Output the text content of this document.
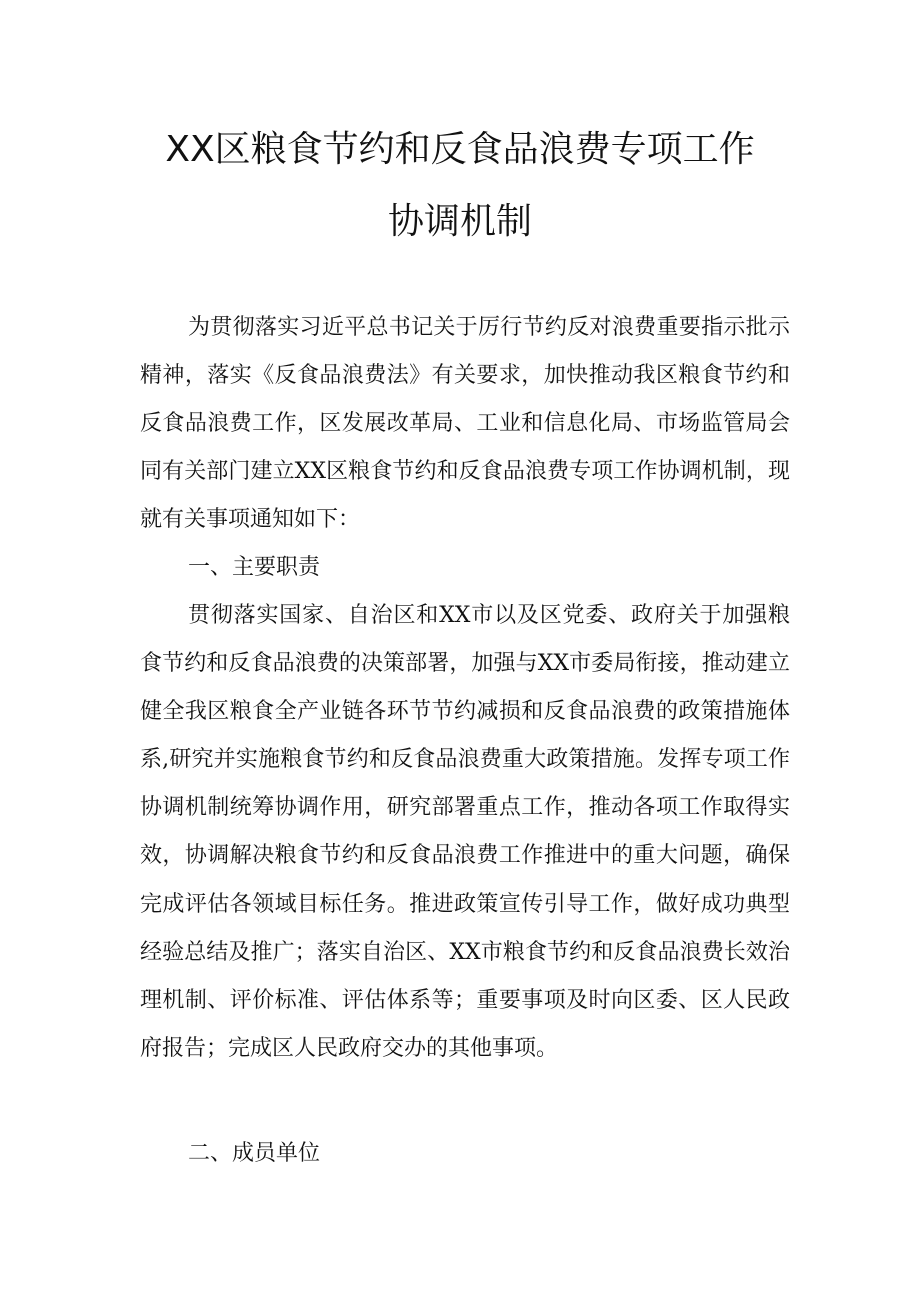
XX区粮食节约和反食品浪费专项工作
协调机制

为贯彻落实习近平总书记关于厉行节约反对浪费重要指示批示精神，落实《反食品浪费法》有关要求，加快推动我区粮食节约和反食品浪费工作，区发展改革局、工业和信息化局、市场监管局会同有关部门建立XX区粮食节约和反食品浪费专项工作协调机制，现就有关事项通知如下：

一、主要职责

贯彻落实国家、自治区和XX市以及区党委、政府关于加强粮食节约和反食品浪费的决策部署，加强与XX市委局衔接，推动建立健全我区粮食全产业链各环节节约减损和反食品浪费的政策措施体系,研究并实施粮食节约和反食品浪费重大政策措施。发挥专项工作协调机制统筹协调作用，研究部署重点工作，推动各项工作取得实效，协调解决粮食节约和反食品浪费工作推进中的重大问题，确保完成评估各领域目标任务。推进政策宣传引导工作，做好成功典型经验总结及推广；落实自治区、XX市粮食节约和反食品浪费长效治理机制、评价标准、评估体系等；重要事项及时向区委、区人民政府报告；完成区人民政府交办的其他事项。

二、成员单位
